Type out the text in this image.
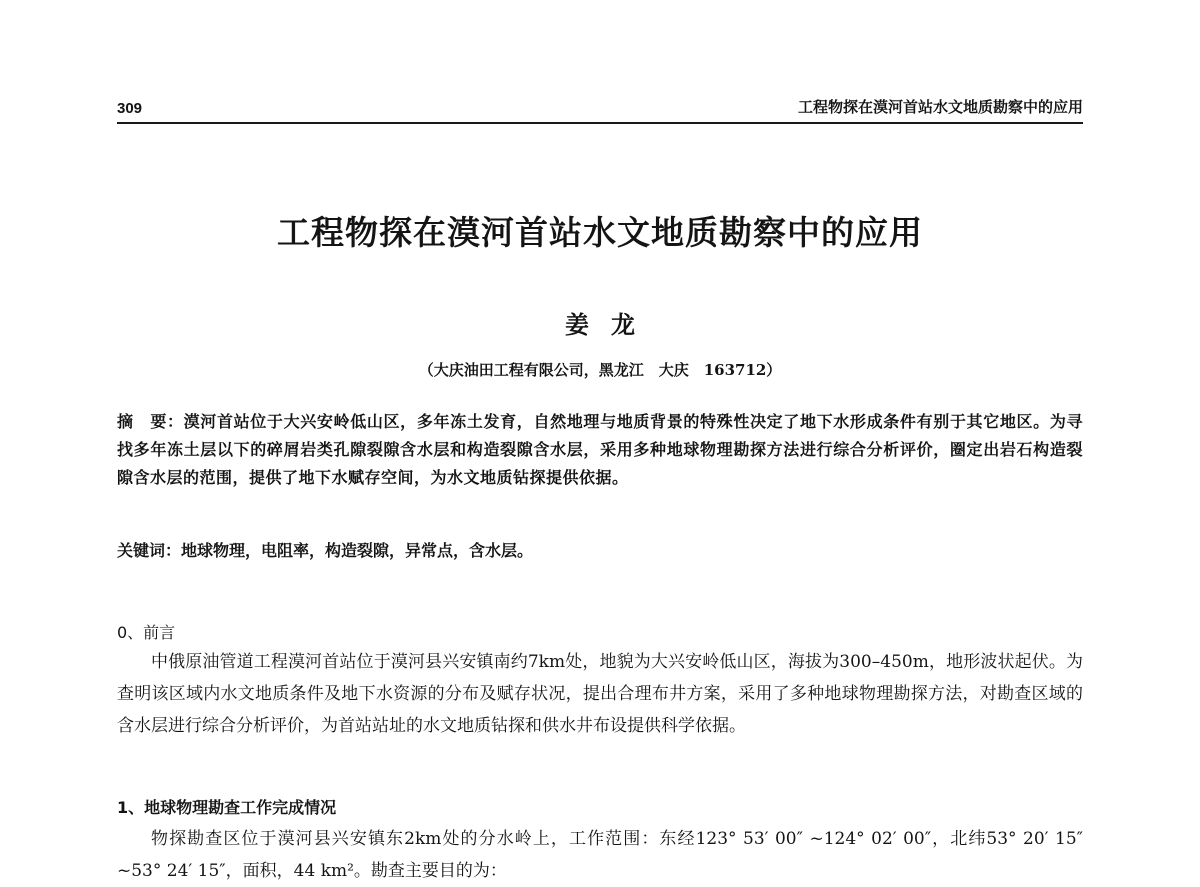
309	工程物探在漠河首站水文地质勘察中的应用
工程物探在漠河首站水文地质勘察中的应用
姜龙
（大庆油田工程有限公司，黑龙江　大庆　163712）
摘　要：漠河首站位于大兴安岭低山区，多年冻土发育，自然地理与地质背景的特殊性决定了地下水形成条件有别于其它地区。为寻找多年冻土层以下的碎屑岩类孔隙裂隙含水层和构造裂隙含水层，采用多种地球物理勘探方法进行综合分析评价，圈定出岩石构造裂隙含水层的范围，提供了地下水赋存空间，为水文地质钻探提供依据。
关键词：地球物理，电阻率，构造裂隙，异常点，含水层。
0、前言
中俄原油管道工程漠河首站位于漠河县兴安镇南约7km处，地貌为大兴安岭低山区，海拔为300–450m，地形波状起伏。为查明该区域内水文地质条件及地下水资源的分布及赋存状况，提出合理布井方案，采用了多种地球物理勘探方法，对勘查区域的含水层进行综合分析评价，为首站站址的水文地质钻探和供水井布设提供科学依据。
1、地球物理勘查工作完成情况
物探勘查区位于漠河县兴安镇东2km处的分水岭上，工作范围：东经123° 53′ 00″ ~124° 02′ 00″，北纬53° 20′ 15″ ~53° 24′ 15″，面积，44 km²。勘查主要目的为：
